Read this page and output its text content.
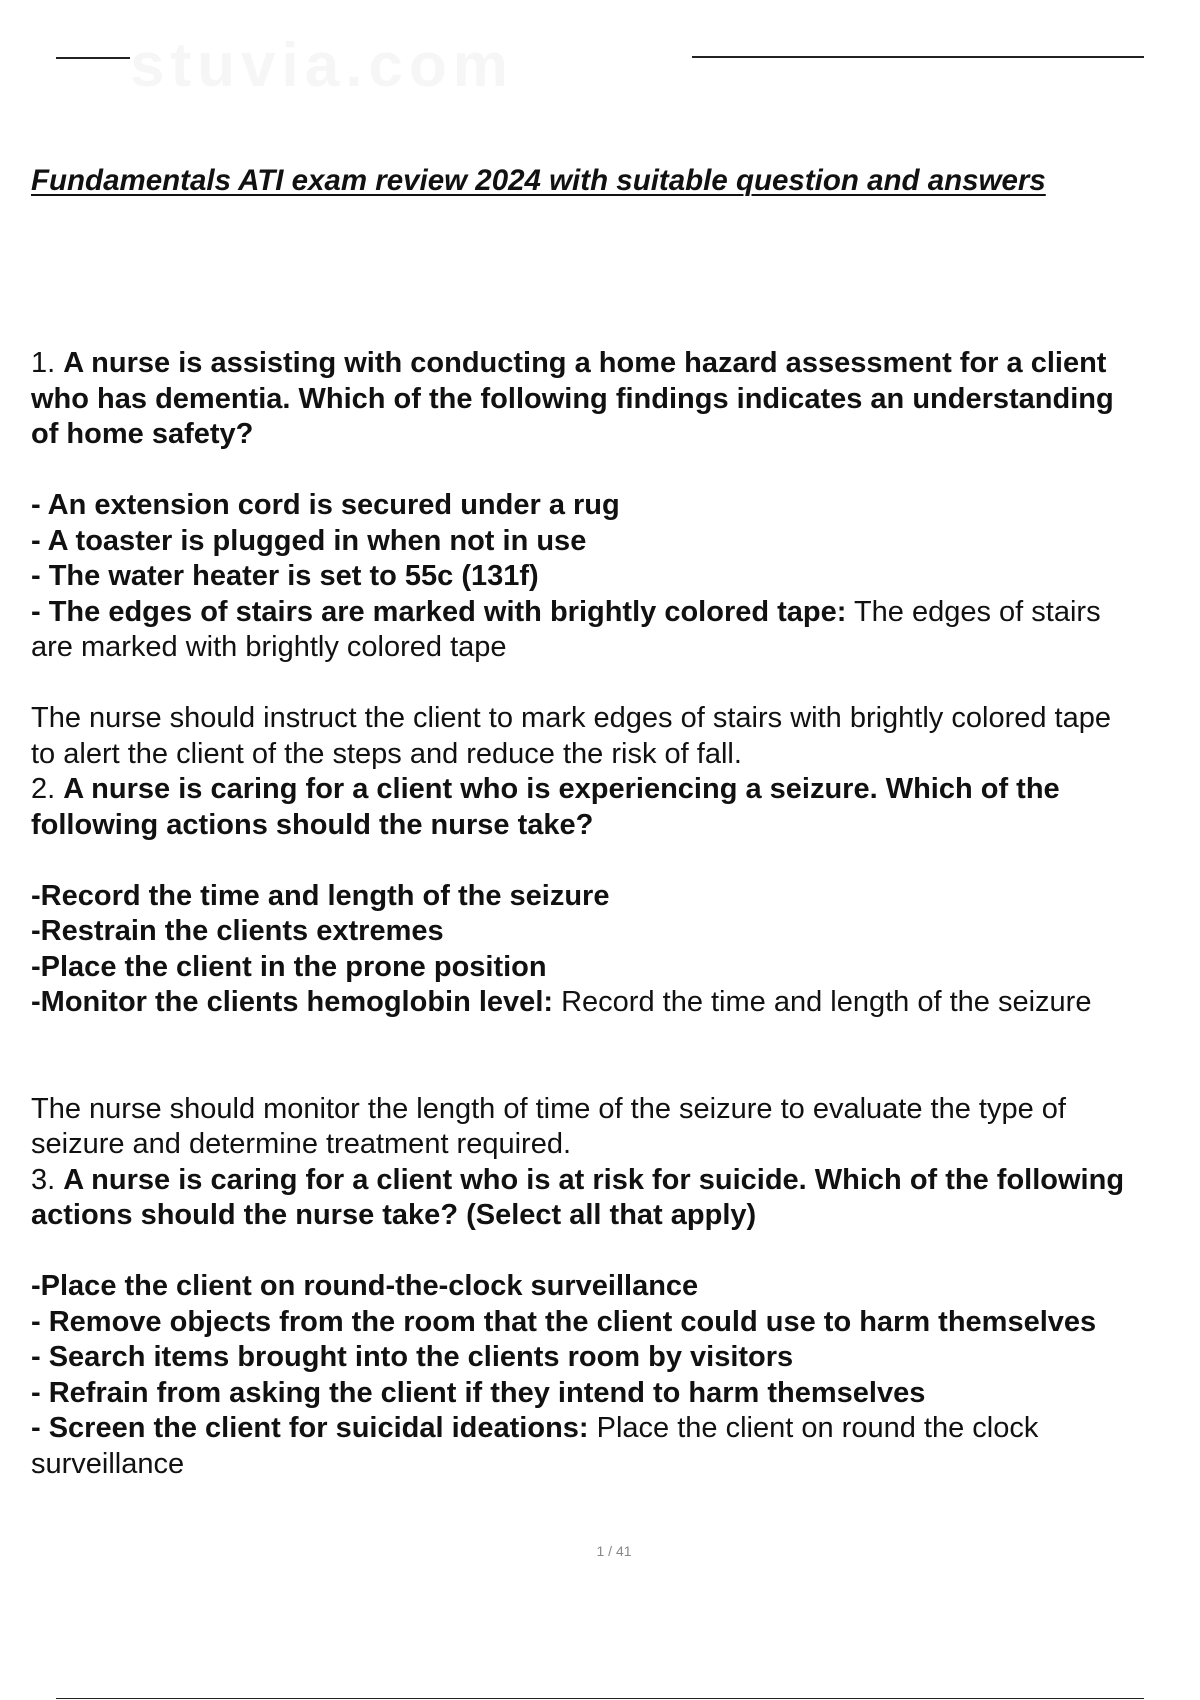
stuvia.com
Fundamentals ATI exam review 2024 with suitable question and answers

1. A nurse is assisting with conducting a home hazard assessment for a client

who has dementia. Which of the following findings indicates an understanding

of home safety?

- An extension cord is secured under a rug

- A toaster is plugged in when not in use

- The water heater is set to 55c (131f)

- The edges of stairs are marked with brightly colored tape: The edges of stairs

are marked with brightly colored tape

The nurse should instruct the client to mark edges of stairs with brightly colored tape

to alert the client of the steps and reduce the risk of fall.

2. A nurse is caring for a client who is experiencing a seizure. Which of the

following actions should the nurse take?

-Record the time and length of the seizure

-Restrain the clients extremes

-Place the client in the prone position

-Monitor the clients hemoglobin level: Record the time and length of the seizure

The nurse should monitor the length of time of the seizure to evaluate the type of

seizure and determine treatment required.

3. A nurse is caring for a client who is at risk for suicide. Which of the following

actions should the nurse take? (Select all that apply)

-Place the client on round-the-clock surveillance

- Remove objects from the room that the client could use to harm themselves

- Search items brought into the clients room by visitors

- Refrain from asking the client if they intend to harm themselves

- Screen the client for suicidal ideations: Place the client on round the clock

surveillance

1 / 41
